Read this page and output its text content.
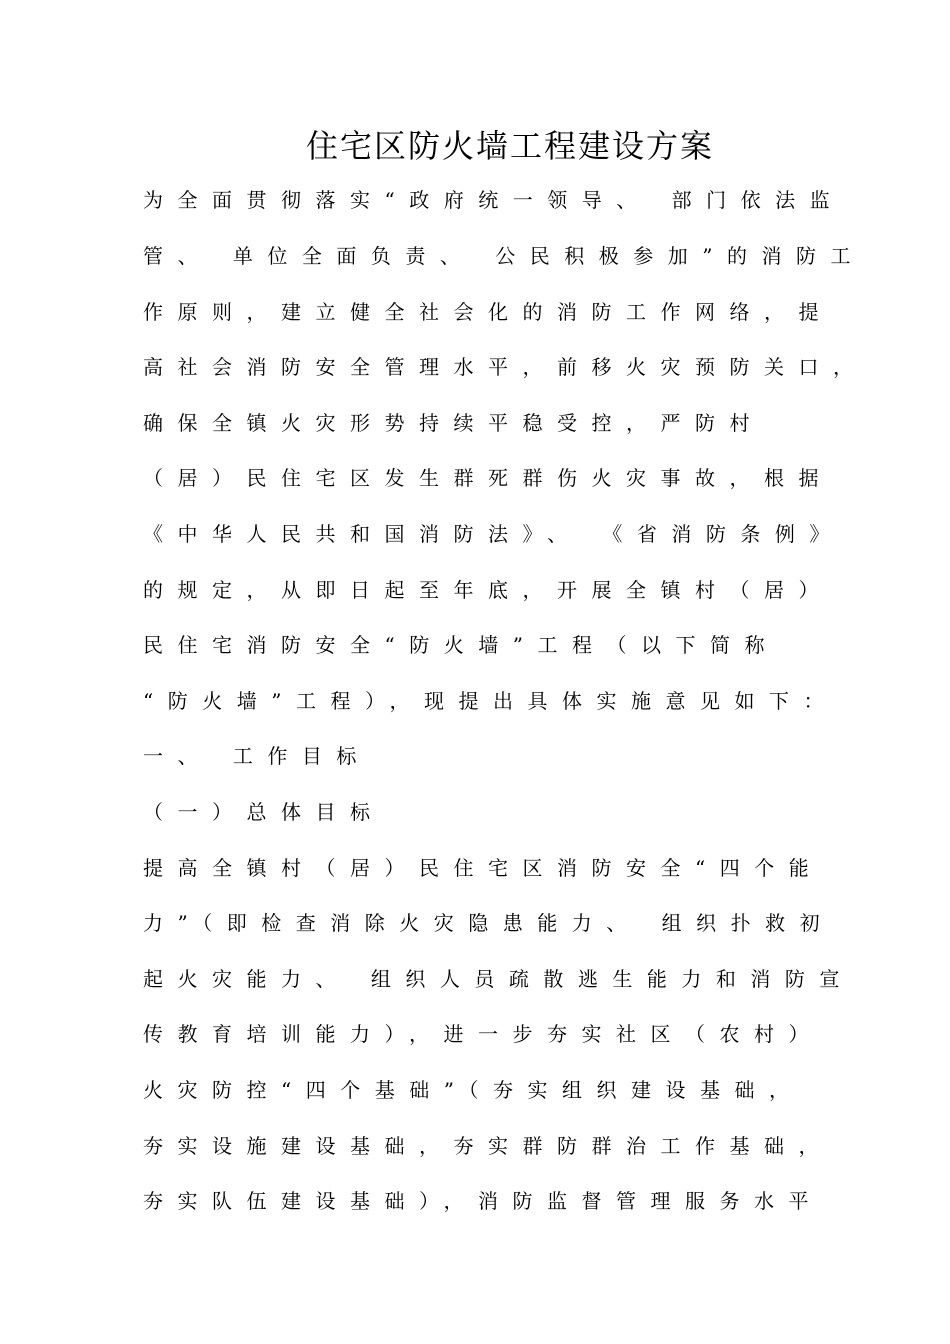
住宅区防火墙工程建设方案
为全面贯彻落实“政府统一领导、 部门依法监
管、 单位全面负责、 公民积极参加”的消防工
作原则，建立健全社会化的消防工作网络，提
高社会消防安全管理水平，前移火灾预防关口，
确保全镇火灾形势持续平稳受控，严防村
（居）民住宅区发生群死群伤火灾事故，根据
《中华人民共和国消防法》、 《省消防条例》
的规定，从即日起至年底，开展全镇村（居）
民住宅消防安全“防火墙”工程（以下简称
“防火墙”工程），现提出具体实施意见如下：
一、 工作目标
（一）总体目标
提高全镇村（居）民住宅区消防安全“四个能
力”（即检查消除火灾隐患能力、 组织扑救初
起火灾能力、 组织人员疏散逃生能力和消防宣
传教育培训能力），进一步夯实社区（农村）
火灾防控“四个基础”（夯实组织建设基础，
夯实设施建设基础，夯实群防群治工作基础，
夯实队伍建设基础），消防监督管理服务水平
